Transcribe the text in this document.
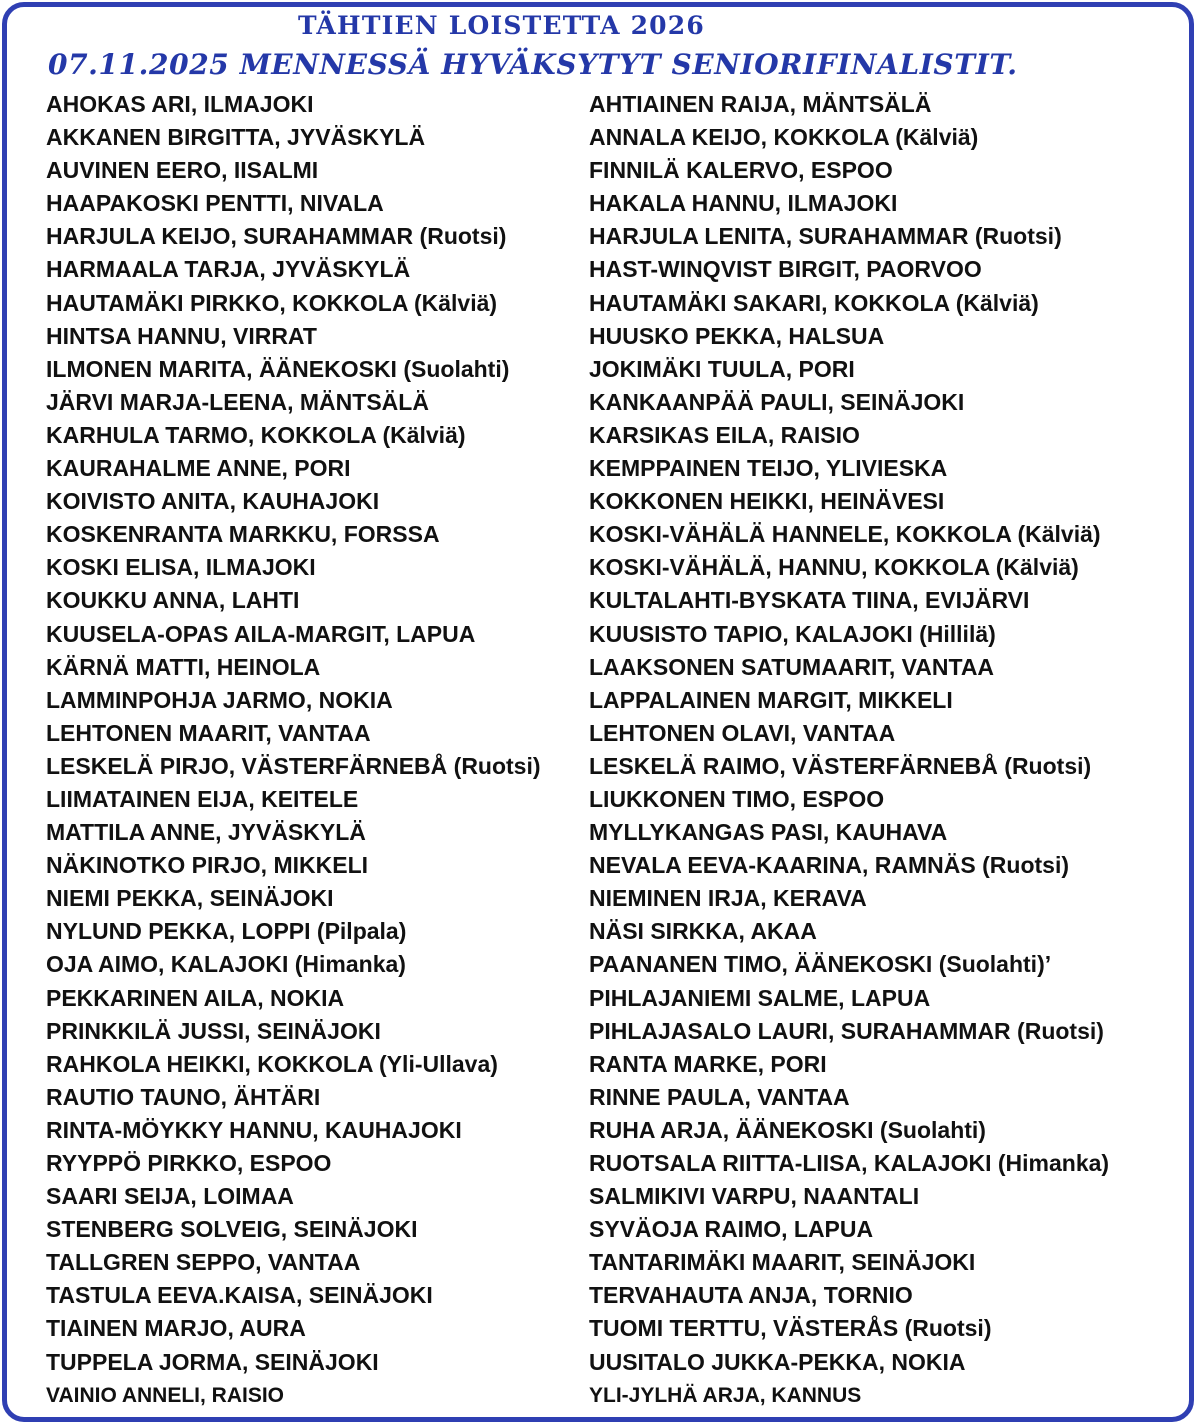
TÄHTIEN LOISTETTA 2026
07.11.2025 MENNESSÄ HYVÄKSYTYT SENIORIFINALISTIT.
AHOKAS ARI, ILMAJOKI
AKKANEN BIRGITTA, JYVÄSKYLÄ
AUVINEN EERO, IISALMI
HAAPAKOSKI PENTTI, NIVALA
HARJULA KEIJO, SURAHAMMAR (Ruotsi)
HARMAALA TARJA, JYVÄSKYLÄ
HAUTAMÄKI PIRKKO, KOKKOLA (Kälviä)
HINTSA HANNU, VIRRAT
ILMONEN MARITA, ÄÄNEKOSKI (Suolahti)
JÄRVI MARJA-LEENA, MÄNTSÄLÄ
KARHULA TARMO, KOKKOLA (Kälviä)
KAURAHALME ANNE, PORI
KOIVISTO ANITA, KAUHAJOKI
KOSKENRANTA MARKKU, FORSSA
KOSKI ELISA, ILMAJOKI
KOUKKU ANNA, LAHTI
KUUSELA-OPAS AILA-MARGIT, LAPUA
KÄRNÄ MATTI, HEINOLA
LAMMINPOHJA JARMO, NOKIA
LEHTONEN MAARIT, VANTAA
LESKELÄ PIRJO, VÄSTERFÄRNEBÅ (Ruotsi)
LIIMATAINEN EIJA, KEITELE
MATTILA ANNE, JYVÄSKYLÄ
NÄKINOTKO PIRJO, MIKKELI
NIEMI PEKKA, SEINÄJOKI
NYLUND PEKKA, LOPPI (Pilpala)
OJA AIMO, KALAJOKI (Himanka)
PEKKARINEN AILA, NOKIA
PRINKKILÄ JUSSI, SEINÄJOKI
RAHKOLA HEIKKI, KOKKOLA (Yli-Ullava)
RAUTIO TAUNO, ÄHTÄRI
RINTA-MÖYKKY HANNU, KAUHAJOKI
RYYPPÖ PIRKKO, ESPOO
SAARI SEIJA, LOIMAA
STENBERG SOLVEIG, SEINÄJOKI
TALLGREN SEPPO, VANTAA
TASTULA EEVA.KAISA, SEINÄJOKI
TIAINEN MARJO, AURA
TUPPELA JORMA, SEINÄJOKI
VAINIO ANNELI, RAISIO
AHTIAINEN RAIJA, MÄNTSÄLÄ
ANNALA KEIJO, KOKKOLA (Kälviä)
FINNILÄ KALERVO, ESPOO
HAKALA HANNU, ILMAJOKI
HARJULA LENITA, SURAHAMMAR (Ruotsi)
HAST-WINQVIST BIRGIT, PAORVOO
HAUTAMÄKI SAKARI, KOKKOLA (Kälviä)
HUUSKO PEKKA, HALSUA
JOKIMÄKI TUULA, PORI
KANKAANPÄÄ PAULI, SEINÄJOKI
KARSIKAS EILA, RAISIO
KEMPPAINEN TEIJO, YLIVIESKA
KOKKONEN HEIKKI, HEINÄVESI
KOSKI-VÄHÄLÄ HANNELE, KOKKOLA (Kälviä)
KOSKI-VÄHÄLÄ, HANNU, KOKKOLA (Kälviä)
KULTALAHTI-BYSKATA TIINA, EVIJÄRVI
KUUSISTO TAPIO, KALAJOKI (Hillilä)
LAAKSONEN SATUMAARIT, VANTAA
LAPPALAINEN MARGIT, MIKKELI
LEHTONEN OLAVI, VANTAA
LESKELÄ RAIMO, VÄSTERFÄRNEBÅ (Ruotsi)
LIUKKONEN TIMO, ESPOO
MYLLYKANGAS PASI, KAUHAVA
NEVALA EEVA-KAARINA, RAMNÄS (Ruotsi)
NIEMINEN IRJA, KERAVA
NÄSI SIRKKA, AKAA
PAANANEN TIMO, ÄÄNEKOSKI (Suolahti)’
PIHLAJANIEMI SALME, LAPUA
PIHLAJASALO LAURI, SURAHAMMAR (Ruotsi)
RANTA MARKE, PORI
RINNE PAULA, VANTAA
RUHA ARJA, ÄÄNEKOSKI (Suolahti)
RUOTSALA RIITTA-LIISA, KALAJOKI (Himanka)
SALMIKIVI VARPU, NAANTALI
SYVÄOJA RAIMO, LAPUA
TANTARIMÄKI MAARIT, SEINÄJOKI
TERVAHAUTA ANJA, TORNIO
TUOMI TERTTU, VÄSTERÅS (Ruotsi)
UUSITALO JUKKA-PEKKA, NOKIA
YLI-JYLHÄ ARJA, KANNUS
